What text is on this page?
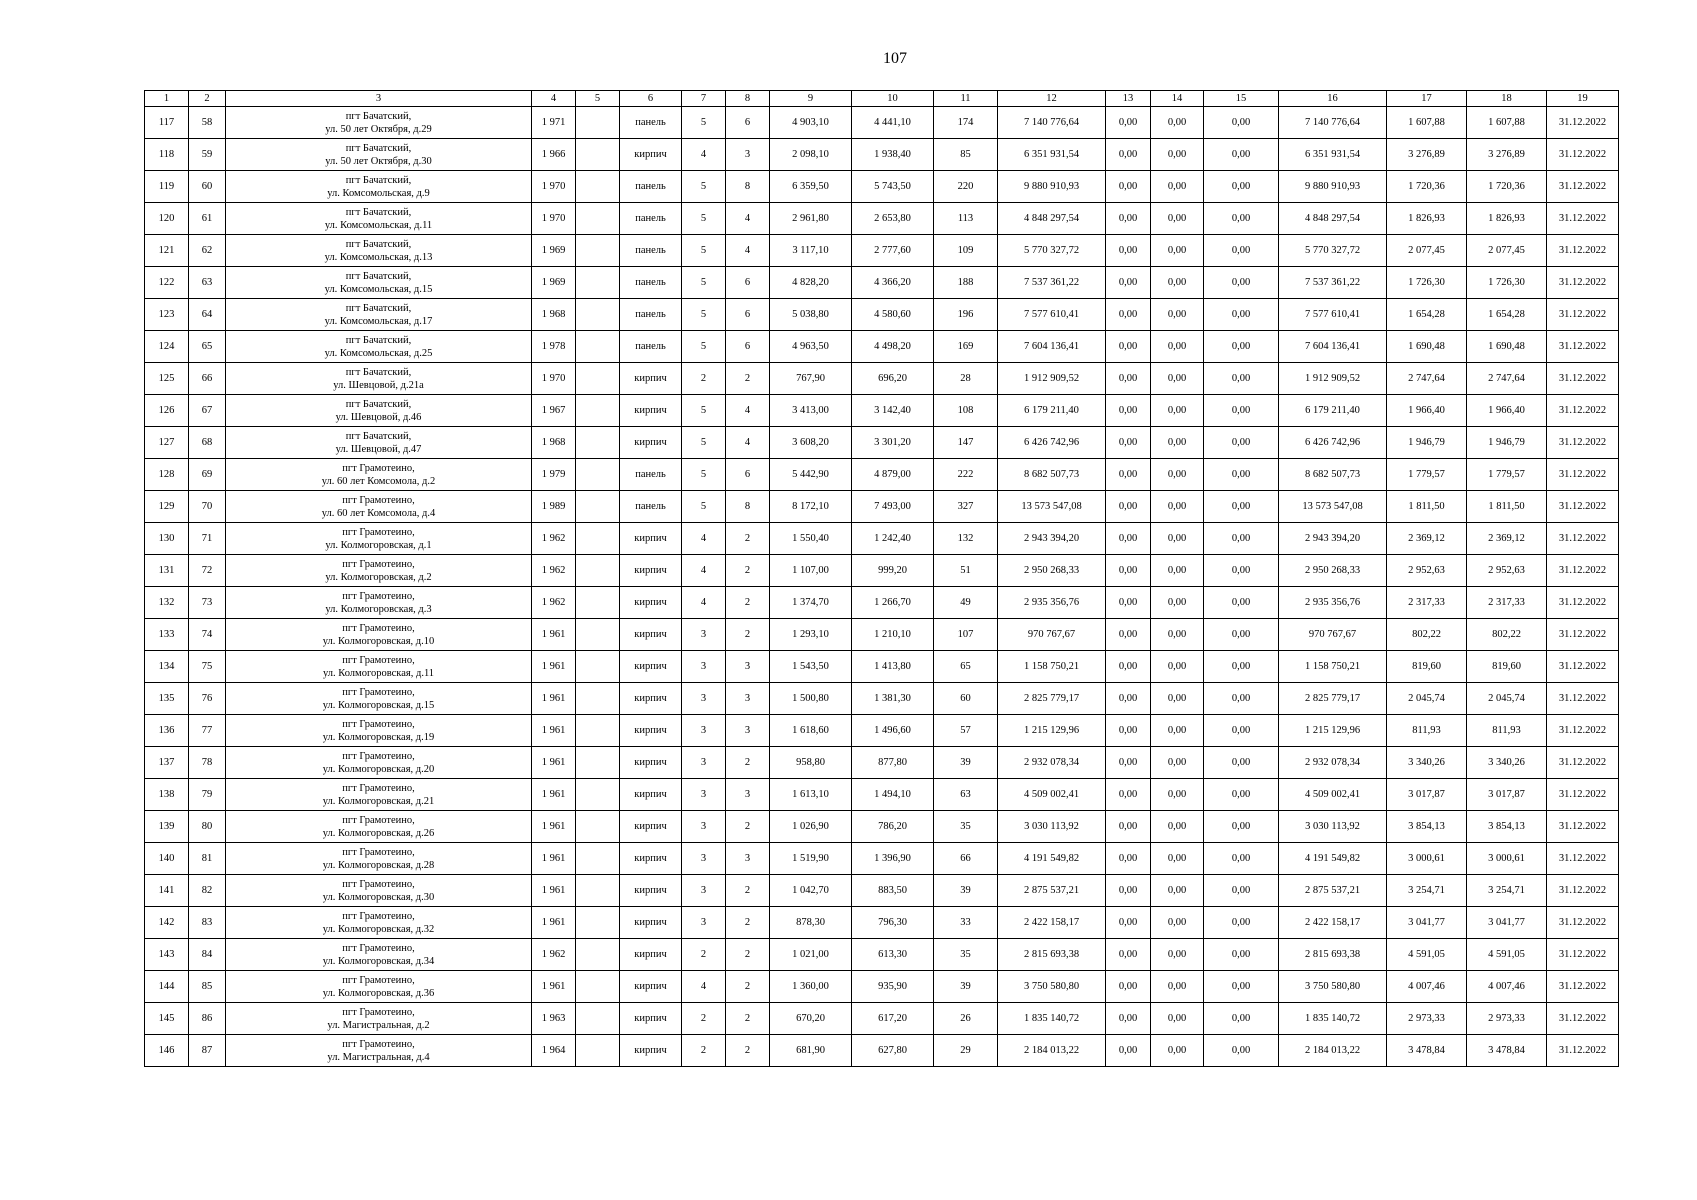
107
1	2	3	4	5	6	7	8	9	10	11	12	13	14	15	16	17	18	19
117	58	пгт Бачатский,
ул. 50 лет Октября, д.29	1 971		панель	5	6	4 903,10	4 441,10	174	7 140 776,64	0,00	0,00	0,00	7 140 776,64	1 607,88	1 607,88	31.12.2022
118	59	пгт Бачатский,
ул. 50 лет Октября, д.30	1 966		кирпич	4	3	2 098,10	1 938,40	85	6 351 931,54	0,00	0,00	0,00	6 351 931,54	3 276,89	3 276,89	31.12.2022
119	60	пгт Бачатский,
ул. Комсомольская, д.9	1 970		панель	5	8	6 359,50	5 743,50	220	9 880 910,93	0,00	0,00	0,00	9 880 910,93	1 720,36	1 720,36	31.12.2022
120	61	пгт Бачатский,
ул. Комсомольская, д.11	1 970		панель	5	4	2 961,80	2 653,80	113	4 848 297,54	0,00	0,00	0,00	4 848 297,54	1 826,93	1 826,93	31.12.2022
121	62	пгт Бачатский,
ул. Комсомольская, д.13	1 969		панель	5	4	3 117,10	2 777,60	109	5 770 327,72	0,00	0,00	0,00	5 770 327,72	2 077,45	2 077,45	31.12.2022
122	63	пгт Бачатский,
ул. Комсомольская, д.15	1 969		панель	5	6	4 828,20	4 366,20	188	7 537 361,22	0,00	0,00	0,00	7 537 361,22	1 726,30	1 726,30	31.12.2022
123	64	пгт Бачатский,
ул. Комсомольская, д.17	1 968		панель	5	6	5 038,80	4 580,60	196	7 577 610,41	0,00	0,00	0,00	7 577 610,41	1 654,28	1 654,28	31.12.2022
124	65	пгт Бачатский,
ул. Комсомольская, д.25	1 978		панель	5	6	4 963,50	4 498,20	169	7 604 136,41	0,00	0,00	0,00	7 604 136,41	1 690,48	1 690,48	31.12.2022
125	66	пгт Бачатский,
ул. Шевцовой, д.21а	1 970		кирпич	2	2	767,90	696,20	28	1 912 909,52	0,00	0,00	0,00	1 912 909,52	2 747,64	2 747,64	31.12.2022
126	67	пгт Бачатский,
ул. Шевцовой, д.46	1 967		кирпич	5	4	3 413,00	3 142,40	108	6 179 211,40	0,00	0,00	0,00	6 179 211,40	1 966,40	1 966,40	31.12.2022
127	68	пгт Бачатский,
ул. Шевцовой, д.47	1 968		кирпич	5	4	3 608,20	3 301,20	147	6 426 742,96	0,00	0,00	0,00	6 426 742,96	1 946,79	1 946,79	31.12.2022
128	69	пгт Грамотеино,
ул. 60 лет Комсомола, д.2	1 979		панель	5	6	5 442,90	4 879,00	222	8 682 507,73	0,00	0,00	0,00	8 682 507,73	1 779,57	1 779,57	31.12.2022
129	70	пгт Грамотеино,
ул. 60 лет Комсомола, д.4	1 989		панель	5	8	8 172,10	7 493,00	327	13 573 547,08	0,00	0,00	0,00	13 573 547,08	1 811,50	1 811,50	31.12.2022
130	71	пгт Грамотеино,
ул. Колмогоровская, д.1	1 962		кирпич	4	2	1 550,40	1 242,40	132	2 943 394,20	0,00	0,00	0,00	2 943 394,20	2 369,12	2 369,12	31.12.2022
131	72	пгт Грамотеино,
ул. Колмогоровская, д.2	1 962		кирпич	4	2	1 107,00	999,20	51	2 950 268,33	0,00	0,00	0,00	2 950 268,33	2 952,63	2 952,63	31.12.2022
132	73	пгт Грамотеино,
ул. Колмогоровская, д.3	1 962		кирпич	4	2	1 374,70	1 266,70	49	2 935 356,76	0,00	0,00	0,00	2 935 356,76	2 317,33	2 317,33	31.12.2022
133	74	пгт Грамотеино,
ул. Колмогоровская, д.10	1 961		кирпич	3	2	1 293,10	1 210,10	107	970 767,67	0,00	0,00	0,00	970 767,67	802,22	802,22	31.12.2022
134	75	пгт Грамотеино,
ул. Колмогоровская, д.11	1 961		кирпич	3	3	1 543,50	1 413,80	65	1 158 750,21	0,00	0,00	0,00	1 158 750,21	819,60	819,60	31.12.2022
135	76	пгт Грамотеино,
ул. Колмогоровская, д.15	1 961		кирпич	3	3	1 500,80	1 381,30	60	2 825 779,17	0,00	0,00	0,00	2 825 779,17	2 045,74	2 045,74	31.12.2022
136	77	пгт Грамотеино,
ул. Колмогоровская, д.19	1 961		кирпич	3	3	1 618,60	1 496,60	57	1 215 129,96	0,00	0,00	0,00	1 215 129,96	811,93	811,93	31.12.2022
137	78	пгт Грамотеино,
ул. Колмогоровская, д.20	1 961		кирпич	3	2	958,80	877,80	39	2 932 078,34	0,00	0,00	0,00	2 932 078,34	3 340,26	3 340,26	31.12.2022
138	79	пгт Грамотеино,
ул. Колмогоровская, д.21	1 961		кирпич	3	3	1 613,10	1 494,10	63	4 509 002,41	0,00	0,00	0,00	4 509 002,41	3 017,87	3 017,87	31.12.2022
139	80	пгт Грамотеино,
ул. Колмогоровская, д.26	1 961		кирпич	3	2	1 026,90	786,20	35	3 030 113,92	0,00	0,00	0,00	3 030 113,92	3 854,13	3 854,13	31.12.2022
140	81	пгт Грамотеино,
ул. Колмогоровская, д.28	1 961		кирпич	3	3	1 519,90	1 396,90	66	4 191 549,82	0,00	0,00	0,00	4 191 549,82	3 000,61	3 000,61	31.12.2022
141	82	пгт Грамотеино,
ул. Колмогоровская, д.30	1 961		кирпич	3	2	1 042,70	883,50	39	2 875 537,21	0,00	0,00	0,00	2 875 537,21	3 254,71	3 254,71	31.12.2022
142	83	пгт Грамотеино,
ул. Колмогоровская, д.32	1 961		кирпич	3	2	878,30	796,30	33	2 422 158,17	0,00	0,00	0,00	2 422 158,17	3 041,77	3 041,77	31.12.2022
143	84	пгт Грамотеино,
ул. Колмогоровская, д.34	1 962		кирпич	2	2	1 021,00	613,30	35	2 815 693,38	0,00	0,00	0,00	2 815 693,38	4 591,05	4 591,05	31.12.2022
144	85	пгт Грамотеино,
ул. Колмогоровская, д.36	1 961		кирпич	4	2	1 360,00	935,90	39	3 750 580,80	0,00	0,00	0,00	3 750 580,80	4 007,46	4 007,46	31.12.2022
145	86	пгт Грамотеино,
ул. Магистральная, д.2	1 963		кирпич	2	2	670,20	617,20	26	1 835 140,72	0,00	0,00	0,00	1 835 140,72	2 973,33	2 973,33	31.12.2022
146	87	пгт Грамотеино,
ул. Магистральная, д.4	1 964		кирпич	2	2	681,90	627,80	29	2 184 013,22	0,00	0,00	0,00	2 184 013,22	3 478,84	3 478,84	31.12.2022
